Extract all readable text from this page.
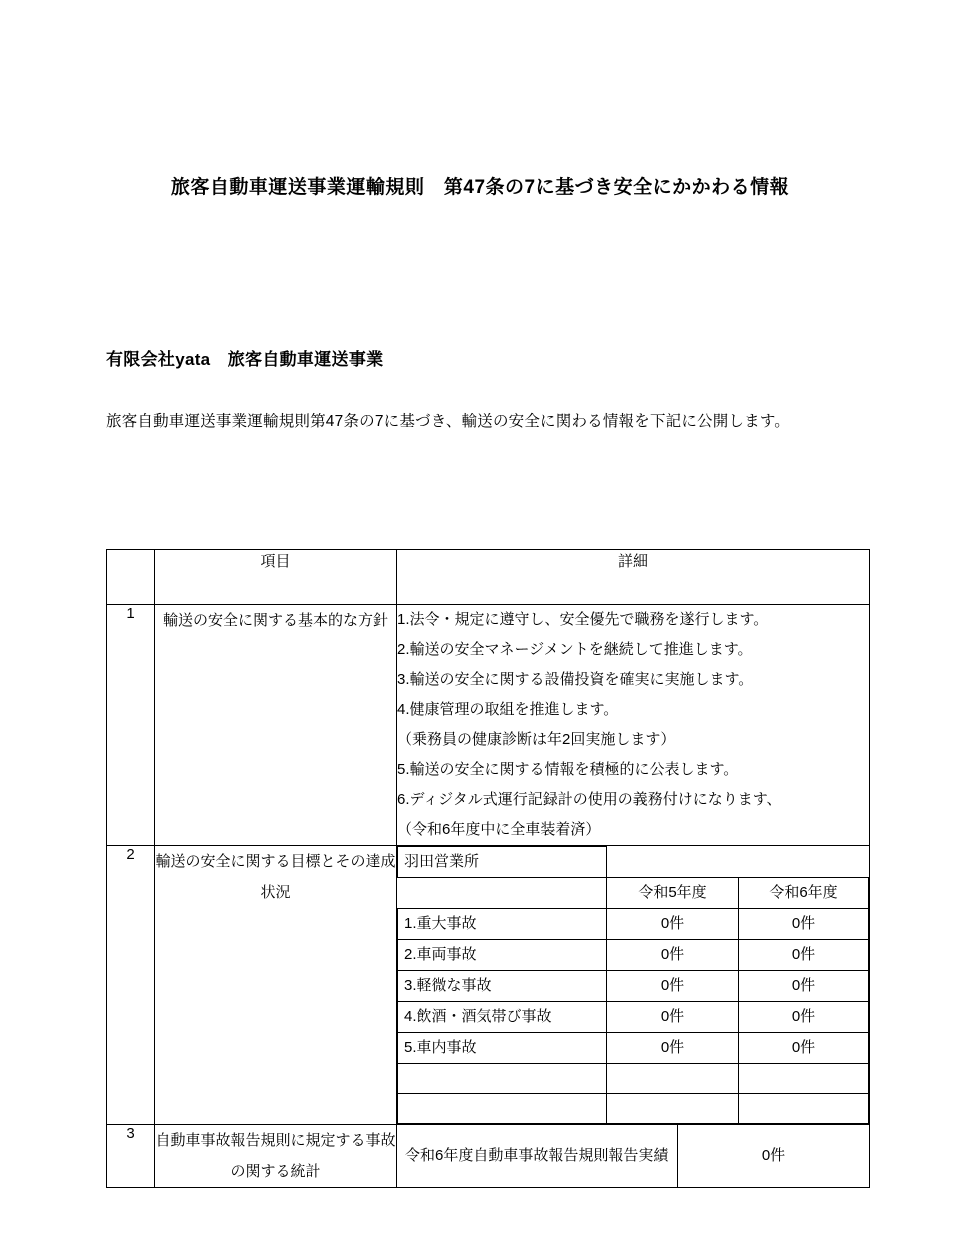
旅客自動車運送事業運輸規則　第47条の7に基づき安全にかかわる情報
有限会社yata　旅客自動車運送事業
旅客自動車運送事業運輸規則第47条の7に基づき、輸送の安全に関わる情報を下記に公開します。
	項目	詳細
1	輸送の安全に関する基本的な方針	1.法令・規定に遵守し、安全優先で職務を遂行します。
2.輸送の安全マネージメントを継続して推進します。
3.輸送の安全に関する設備投資を確実に実施します。
4.健康管理の取組を推進します。
（乗務員の健康診断は年2回実施します）
5.輸送の安全に関する情報を積極的に公表します。
6.ディジタル式運行記録計の使用の義務付けになります、
（令和6年度中に全車装着済）

2	輸送の安全に関する目標とその達成状況	
羽田営業所		
	令和5年度	令和6年度
1.重大事故	0件	0件
2.車両事故	0件	0件
3.軽微な事故	0件	0件
4.飲酒・酒気帯び事故	0件	0件
5.車内事故	0件	0件

3	自動車事故報告規則に規定する事故の関する統計	
令和6年度自動車事故報告規則報告実績	0件
